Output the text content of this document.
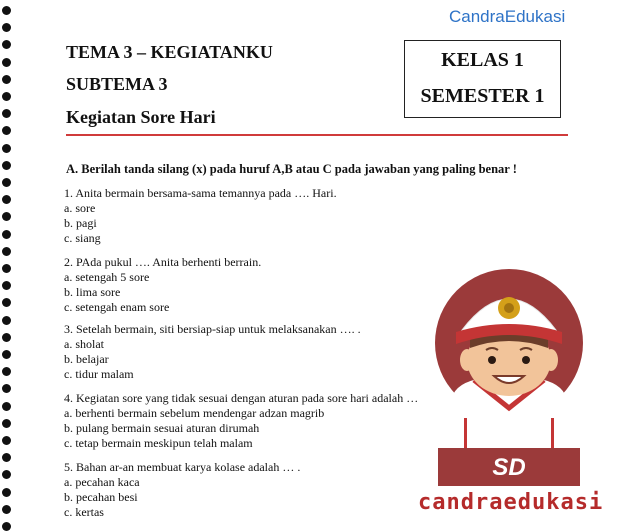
CandraEdukasi
TEMA 3 – KEGIATANKU
SUBTEMA 3
Kegiatan Sore Hari
KELAS 1
SEMESTER 1
A. Berilah tanda silang (x) pada huruf A,B atau C pada jawaban yang paling benar !
1. Anita bermain bersama-sama temannya pada …. Hari.
a. sore
b. pagi
c. siang
2. PAda pukul …. Anita berhenti berrain.
a. setengah 5 sore
b. lima sore
c. setengah enam sore
3. Setelah bermain, siti bersiap-siap untuk melaksanakan …. .
a. sholat
b. belajar
c. tidur malam
4. Kegiatan sore yang tidak sesuai dengan aturan pada sore hari adalah …
a. berhenti bermain sebelum mendengar adzan magrib
b. pulang bermain sesuai aturan dirumah
c. tetap bermain meskipun telah malam
5. Bahan ar-an membuat karya kolase adalah … .
a. pecahan kaca
b. pecahan besi
c. kertas
SD
candraedukasi
